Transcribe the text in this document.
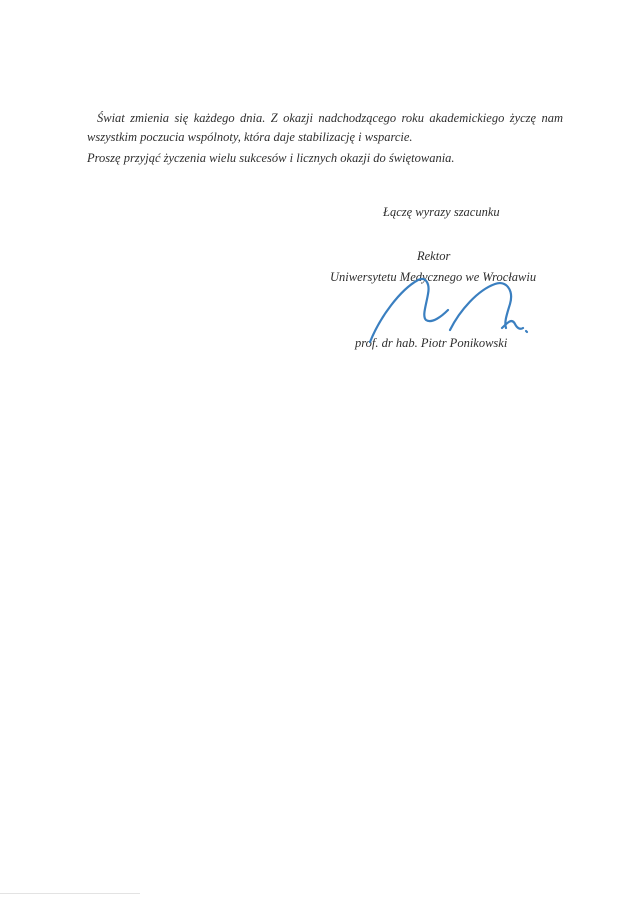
Świat zmienia się każdego dnia. Z okazji nadchodzącego roku akademickiego życzę nam
wszystkim poczucia wspólnoty, która daje stabilizację i wsparcie.
Proszę przyjąć życzenia wielu sukcesów i licznych okazji do świętowania.
Łączę wyrazy szacunku
Rektor
Uniwersytetu Medycznego we Wrocławiu
prof. dr hab. Piotr Ponikowski
